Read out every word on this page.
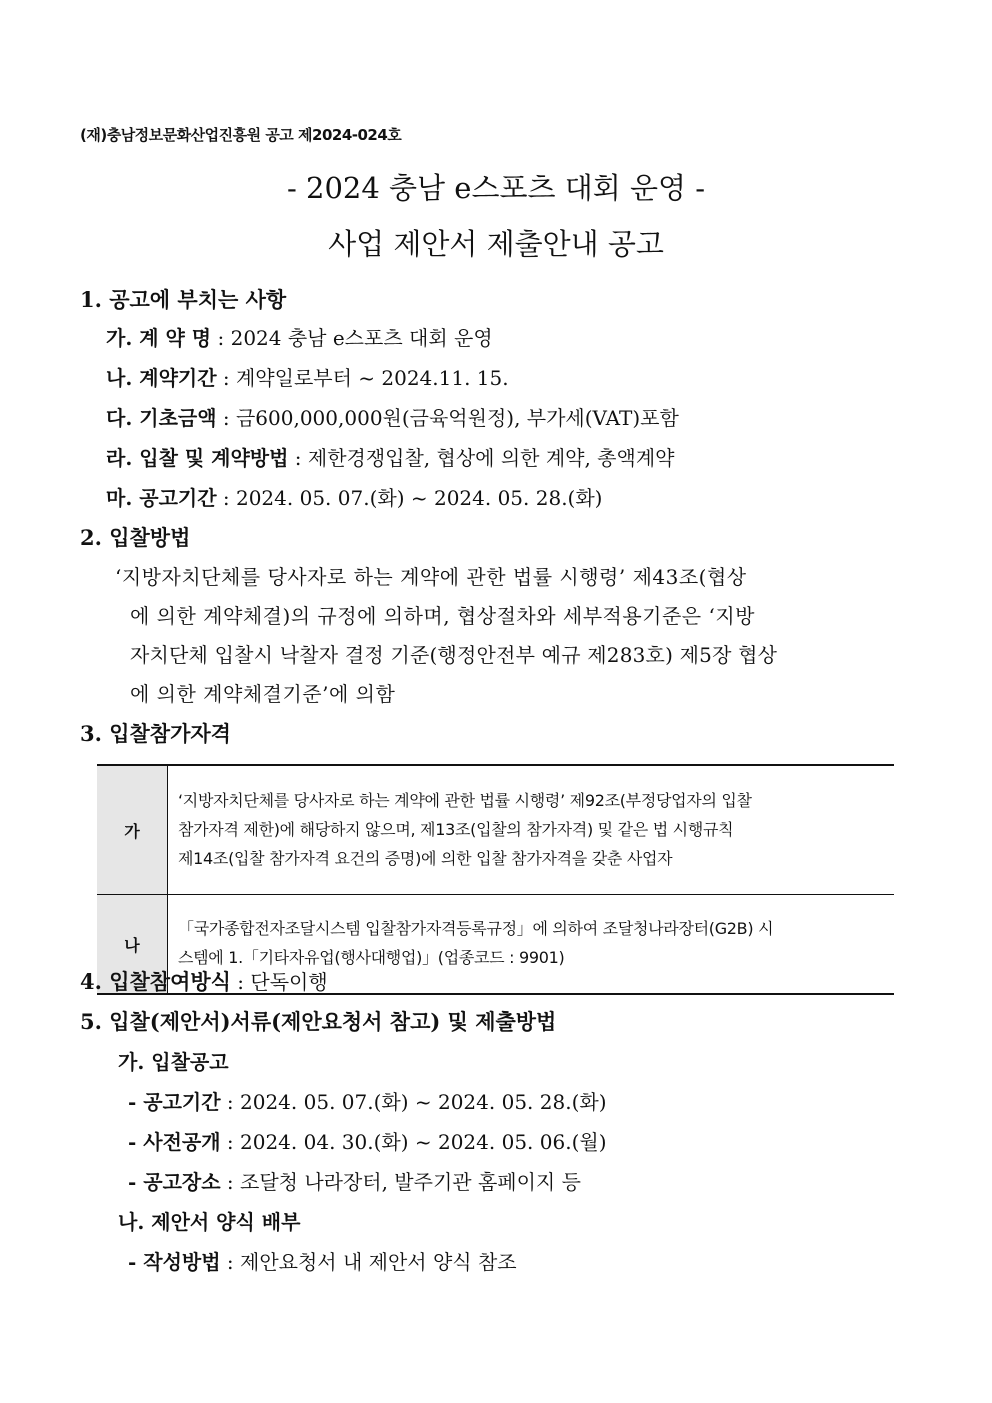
(재)충남정보문화산업진흥원 공고 제2024-024호
- 2024 충남 e스포츠 대회 운영 -
사업 제안서 제출안내 공고
1. 공고에 부치는 사항
가. 계 약 명 : 2024 충남 e스포츠 대회 운영
나. 계약기간 : 계약일로부터 ~ 2024.11. 15.
다. 기초금액 : 금600,000,000원(금육억원정), 부가세(VAT)포함
라. 입찰 및 계약방법 : 제한경쟁입찰, 협상에 의한 계약, 총액계약
마. 공고기간 : 2024. 05. 07.(화) ~ 2024. 05. 28.(화)
2. 입찰방법
‘지방자치단체를 당사자로 하는 계약에 관한 법률 시행령’ 제43조(협상
에 의한 계약체결)의 규정에 의하며, 협상절차와 세부적용기준은 ‘지방
자치단체 입찰시 낙찰자 결정 기준(행정안전부 예규 제283호) 제5장 협상
에 의한 계약체결기준’에 의함
3. 입찰참가자격
가	‘지방자치단체를 당사자로 하는 계약에 관한 법률 시행령’ 제92조(부정당업자의 입찰
참가자격 제한)에 해당하지 않으며, 제13조(입찰의 참가자격) 및 같은 법 시행규칙
제14조(입찰 참가자격 요건의 증명)에 의한 입찰 참가자격을 갖춘 사업자

나	「국가종합전자조달시스템 입찰참가자격등록규정」에 의하여 조달청나라장터(G2B) 시
스템에 1.「기타자유업(행사대행업)」(업종코드 : 9901)
4. 입찰참여방식 : 단독이행
5. 입찰(제안서)서류(제안요청서 참고) 및 제출방법
가. 입찰공고
- 공고기간 : 2024. 05. 07.(화) ~ 2024. 05. 28.(화)
- 사전공개 : 2024. 04. 30.(화) ~ 2024. 05. 06.(월)
- 공고장소 : 조달청 나라장터, 발주기관 홈페이지 등
나. 제안서 양식 배부
- 작성방법 : 제안요청서 내 제안서 양식 참조
